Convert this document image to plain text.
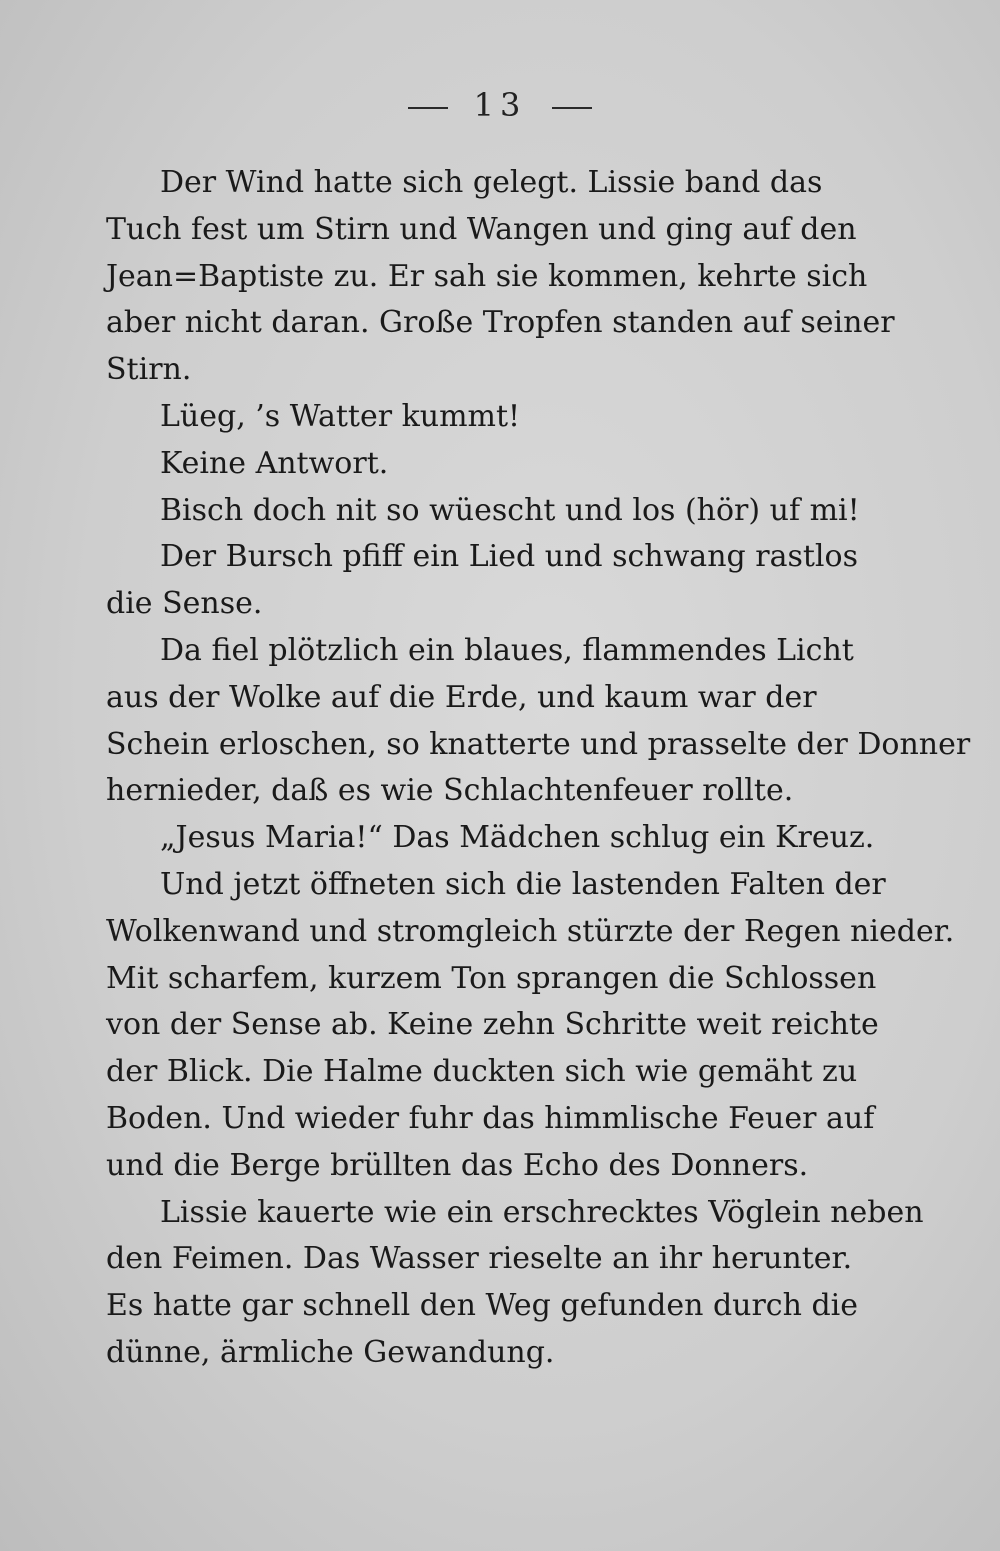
13
Der Wind hatte sich gelegt. Lissie band das
Tuch fest um Stirn und Wangen und ging auf den
Jean=Baptiste zu. Er sah sie kommen, kehrte sich
aber nicht daran. Große Tropfen standen auf seiner
Stirn.
Lüeg, ’s Watter kummt!
Keine Antwort.
Bisch doch nit so wüescht und los (hör) uf mi!
Der Bursch pfiff ein Lied und schwang rastlos
die Sense.
Da fiel plötzlich ein blaues, flammendes Licht
aus der Wolke auf die Erde, und kaum war der
Schein erloschen, so knatterte und prasselte der Donner
hernieder, daß es wie Schlachtenfeuer rollte.
„Jesus Maria!“ Das Mädchen schlug ein Kreuz.
Und jetzt öffneten sich die lastenden Falten der
Wolkenwand und stromgleich stürzte der Regen nieder.
Mit scharfem, kurzem Ton sprangen die Schlossen
von der Sense ab. Keine zehn Schritte weit reichte
der Blick. Die Halme duckten sich wie gemäht zu
Boden. Und wieder fuhr das himmlische Feuer auf
und die Berge brüllten das Echo des Donners.
Lissie kauerte wie ein erschrecktes Vöglein neben
den Feimen. Das Wasser rieselte an ihr herunter.
Es hatte gar schnell den Weg gefunden durch die
dünne, ärmliche Gewandung.
